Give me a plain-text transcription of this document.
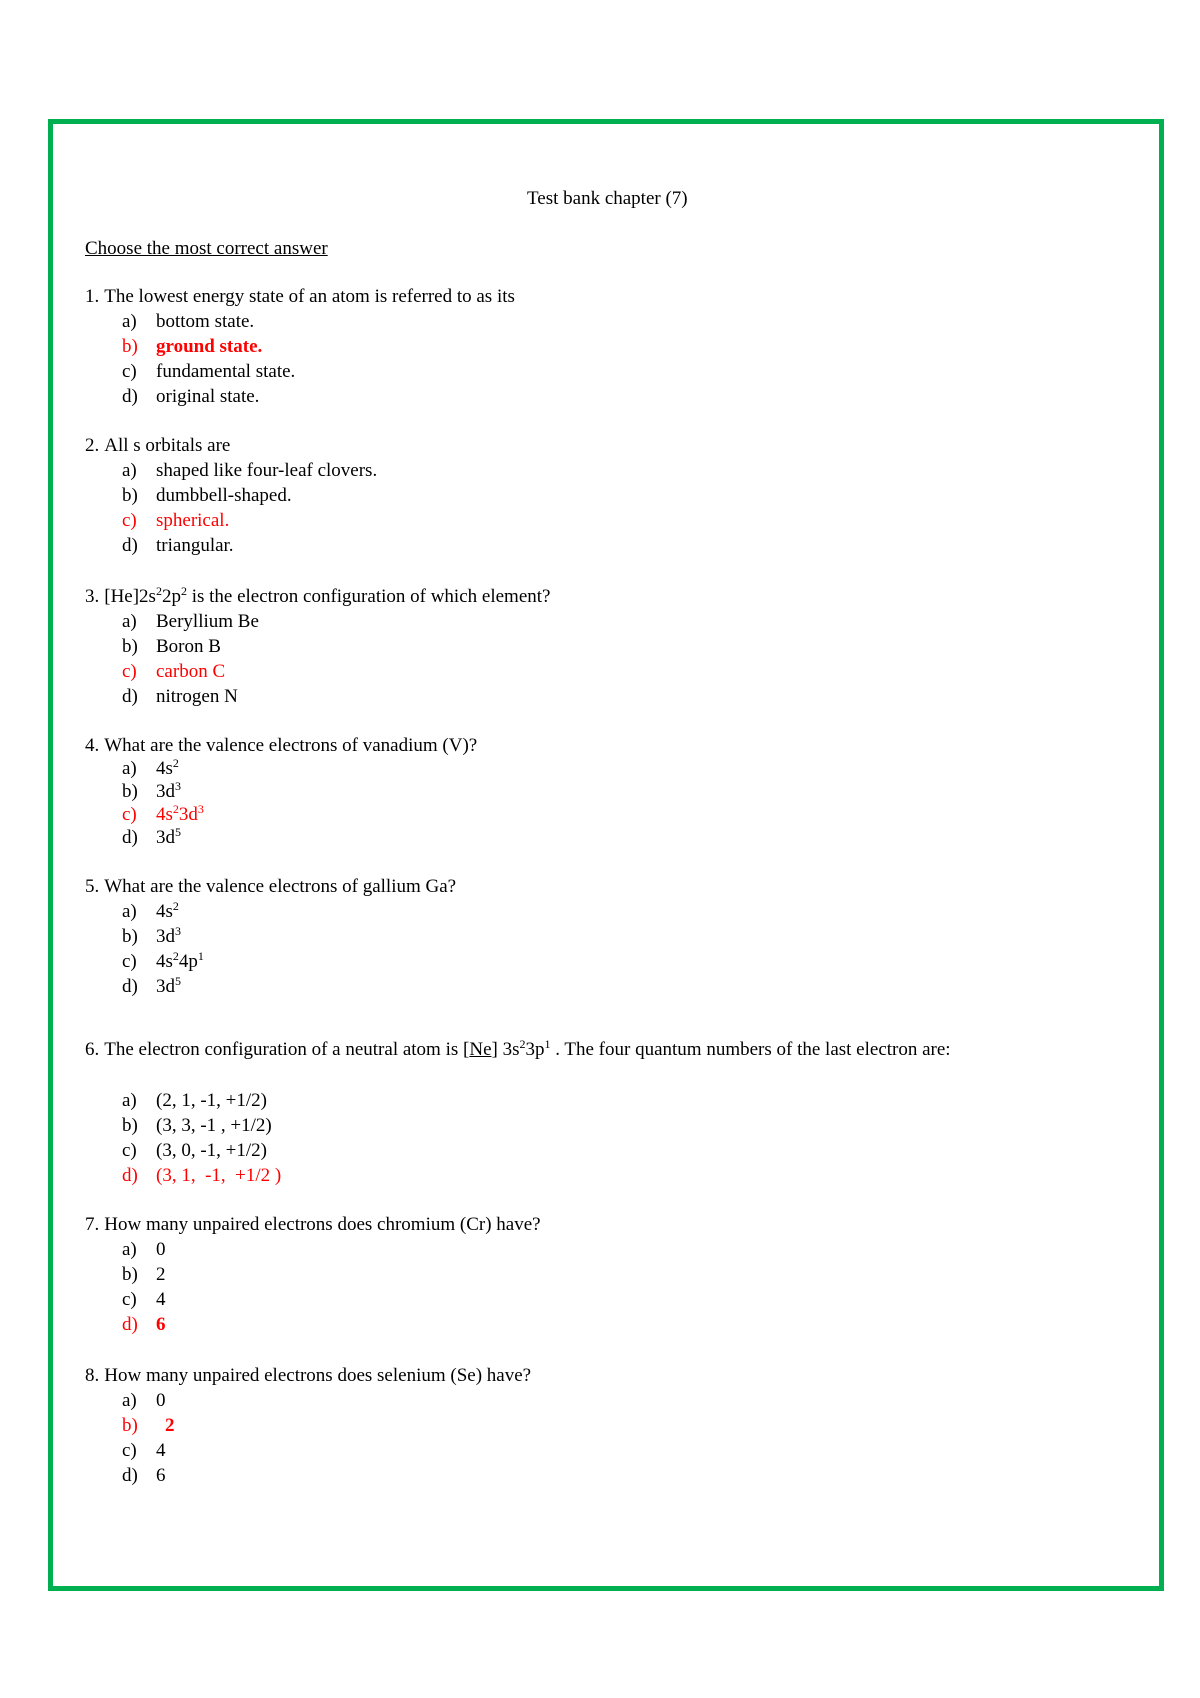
Test bank chapter (7)
Choose the most correct answer
1. The lowest energy state of an atom is referred to as its
a) bottom state.
b) ground state.
c) fundamental state.
d) original state.
2. All s orbitals are
a) shaped like four-leaf clovers.
b) dumbbell-shaped.
c) spherical.
d) triangular.
3. $[He]2s^22p^2$ is the electron configuration of which element?
a) Beryllium Be
b) Boron B
c) carbon C
d) nitrogen N
4. What are the valence electrons of vanadium (V)?
a) $4s^2$
b) $3d^3$
c) $4s^23d^3$
d) $3d^5$
5. What are the valence electrons of gallium Ga?
a) $4s^2$
b) $3d^3$
c) $4s^24p^1$
d) $3d^5$
6. The electron configuration of a neutral atom is [Ne] $3s^23p^1$ . The four quantum numbers of the last electron are:
a) (2, 1, -1, +1/2)
b) (3, 3, -1 , +1/2)
c) (3, 0, -1, +1/2)
d) (3, 1,  -1,  +1/2 )
7. How many unpaired electrons does chromium (Cr) have?
a) 0
b) 2
c) 4
d) 6
8. How many unpaired electrons does selenium (Se) have?
a) 0
b)	2
c) 4
d) 6
